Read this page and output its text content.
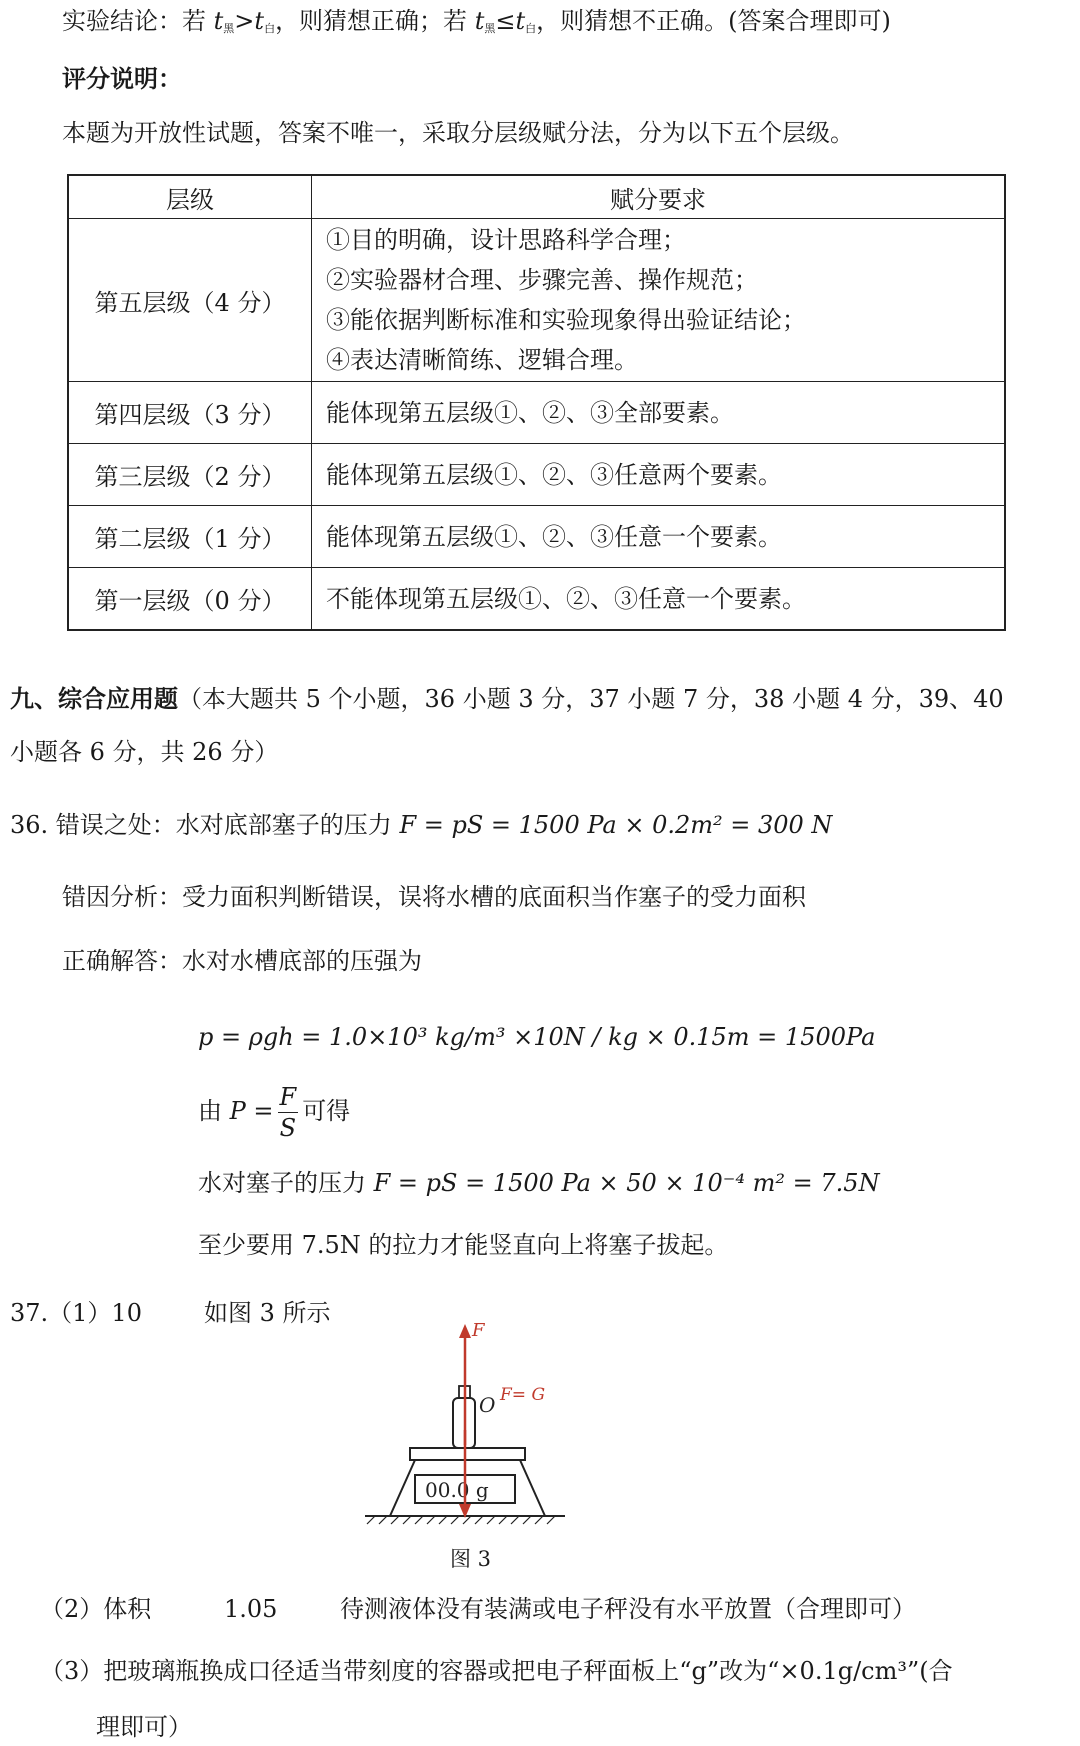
实验结论：若 $t_黑>t_白$，则猜想正确；若 $t_黑\le t_白$，则猜想不正确。(答案合理即可)
评分说明：
本题为开放性试题，答案不唯一，采取分层级赋分法，分为以下五个层级。
层级	赋分要求
第五层级（4 分）	①目的明确，设计思路科学合理；
②实验器材合理、步骤完善、操作规范；
③能依据判断标准和实验现象得出验证结论；
④表达清晰简练、逻辑合理。

第四层级（3 分）	能体现第五层级①、②、③全部要素。
第三层级（2 分）	能体现第五层级①、②、③任意两个要素。
第二层级（1 分）	能体现第五层级①、②、③任意一个要素。
第一层级（0 分）	不能体现第五层级①、②、③任意一个要素。
九、综合应用题（本大题共 5 个小题，36 小题 3 分，37 小题 7 分，38 小题 4 分，39、40
小题各 6 分，共 26 分）
36. 错误之处：水对底部塞子的压力 F = pS = 1500 Pa × 0.2m² = 300 N
错因分析：受力面积判断错误，误将水槽的底面积当作塞子的受力面积
正确解答：水对水槽底部的压强为
p = ρgh = 1.0×10³ kg/m³ ×10N / kg × 0.15m = 1500Pa
由 $P = \frac{F}{S}$ 可得
水对塞子的压力 F = pS = 1500 Pa × 50 × 10⁻⁴ m² = 7.5N
至少要用 7.5N 的拉力才能竖直向上将塞子拔起。
37.（1）10	如图 3 所示
00.0 g
F
O F= G
图 3
（2）体积	1.05	待测液体没有装满或电子秤没有水平放置（合理即可）
（3）把玻璃瓶换成口径适当带刻度的容器或把电子秤面板上“g”改为“×0.1g/cm³”(合
理即可）
